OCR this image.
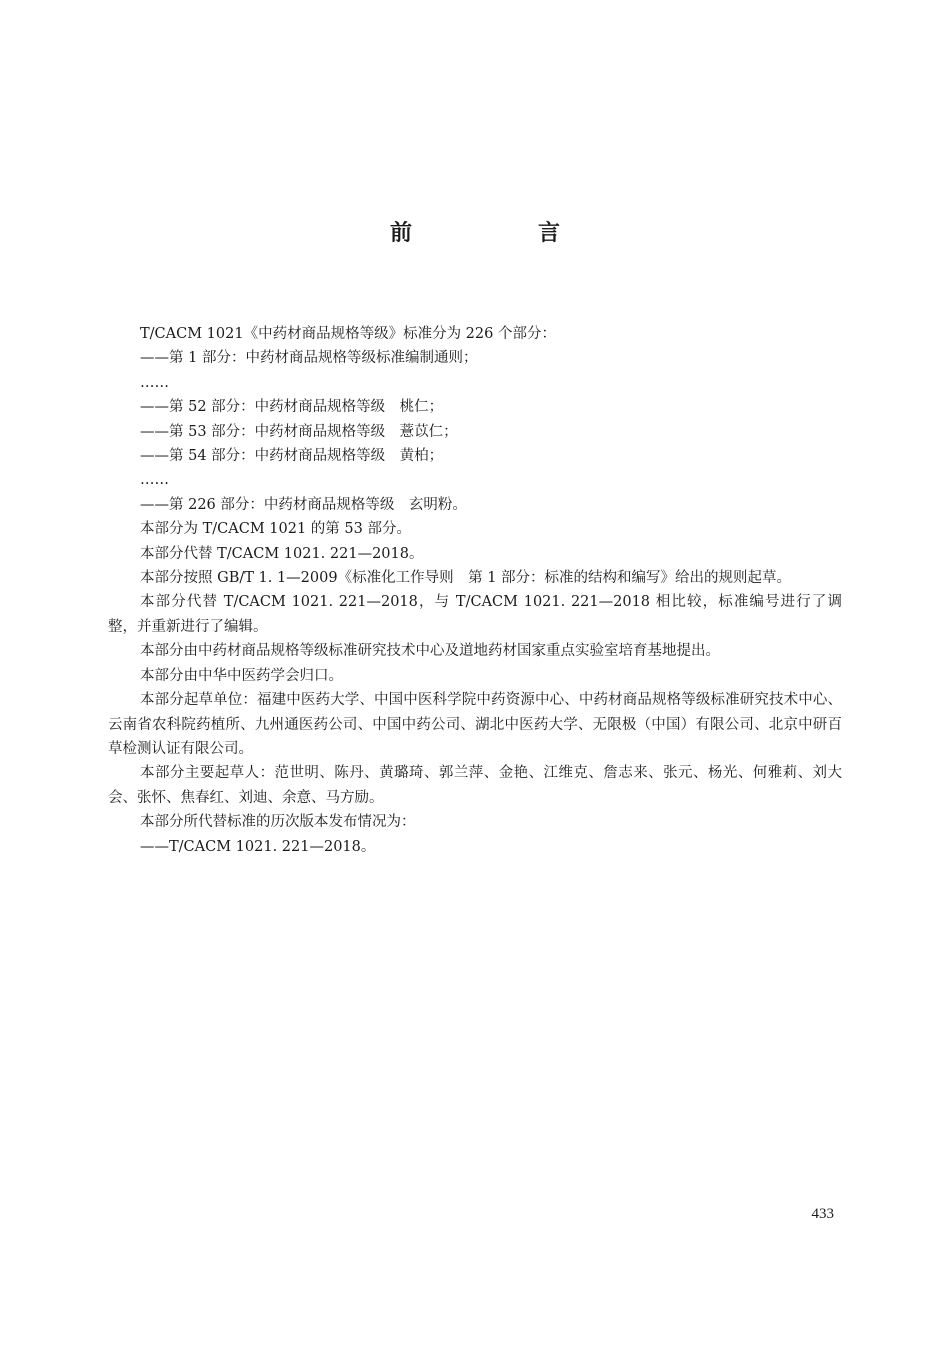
前　言

T/CACM 1021《中药材商品规格等级》标准分为 226 个部分：

——第 1 部分：中药材商品规格等级标准编制通则；

……

——第 52 部分：中药材商品规格等级　桃仁；

——第 53 部分：中药材商品规格等级　薏苡仁；

——第 54 部分：中药材商品规格等级　黄柏；

……

——第 226 部分：中药材商品规格等级　玄明粉。

本部分为 T/CACM 1021 的第 53 部分。

本部分代替 T/CACM 1021. 221—2018。

本部分按照 GB/T 1. 1—2009《标准化工作导则　第 1 部分：标准的结构和编写》给出的规则起草。

本部分代替 T/CACM 1021. 221—2018，与 T/CACM 1021. 221—2018 相比较，标准编号进行了调整，并重新进行了编辑。

本部分由中药材商品规格等级标准研究技术中心及道地药材国家重点实验室培育基地提出。

本部分由中华中医药学会归口。

本部分起草单位：福建中医药大学、中国中医科学院中药资源中心、中药材商品规格等级标准研究技术中心、云南省农科院药植所、九州通医药公司、中国中药公司、湖北中医药大学、无限极（中国）有限公司、北京中研百草检测认证有限公司。

本部分主要起草人：范世明、陈丹、黄璐琦、郭兰萍、金艳、江维克、詹志来、张元、杨光、何雅莉、刘大会、张怀、焦春红、刘迪、余意、马方励。

本部分所代替标准的历次版本发布情况为：

——T/CACM 1021. 221—2018。

433
